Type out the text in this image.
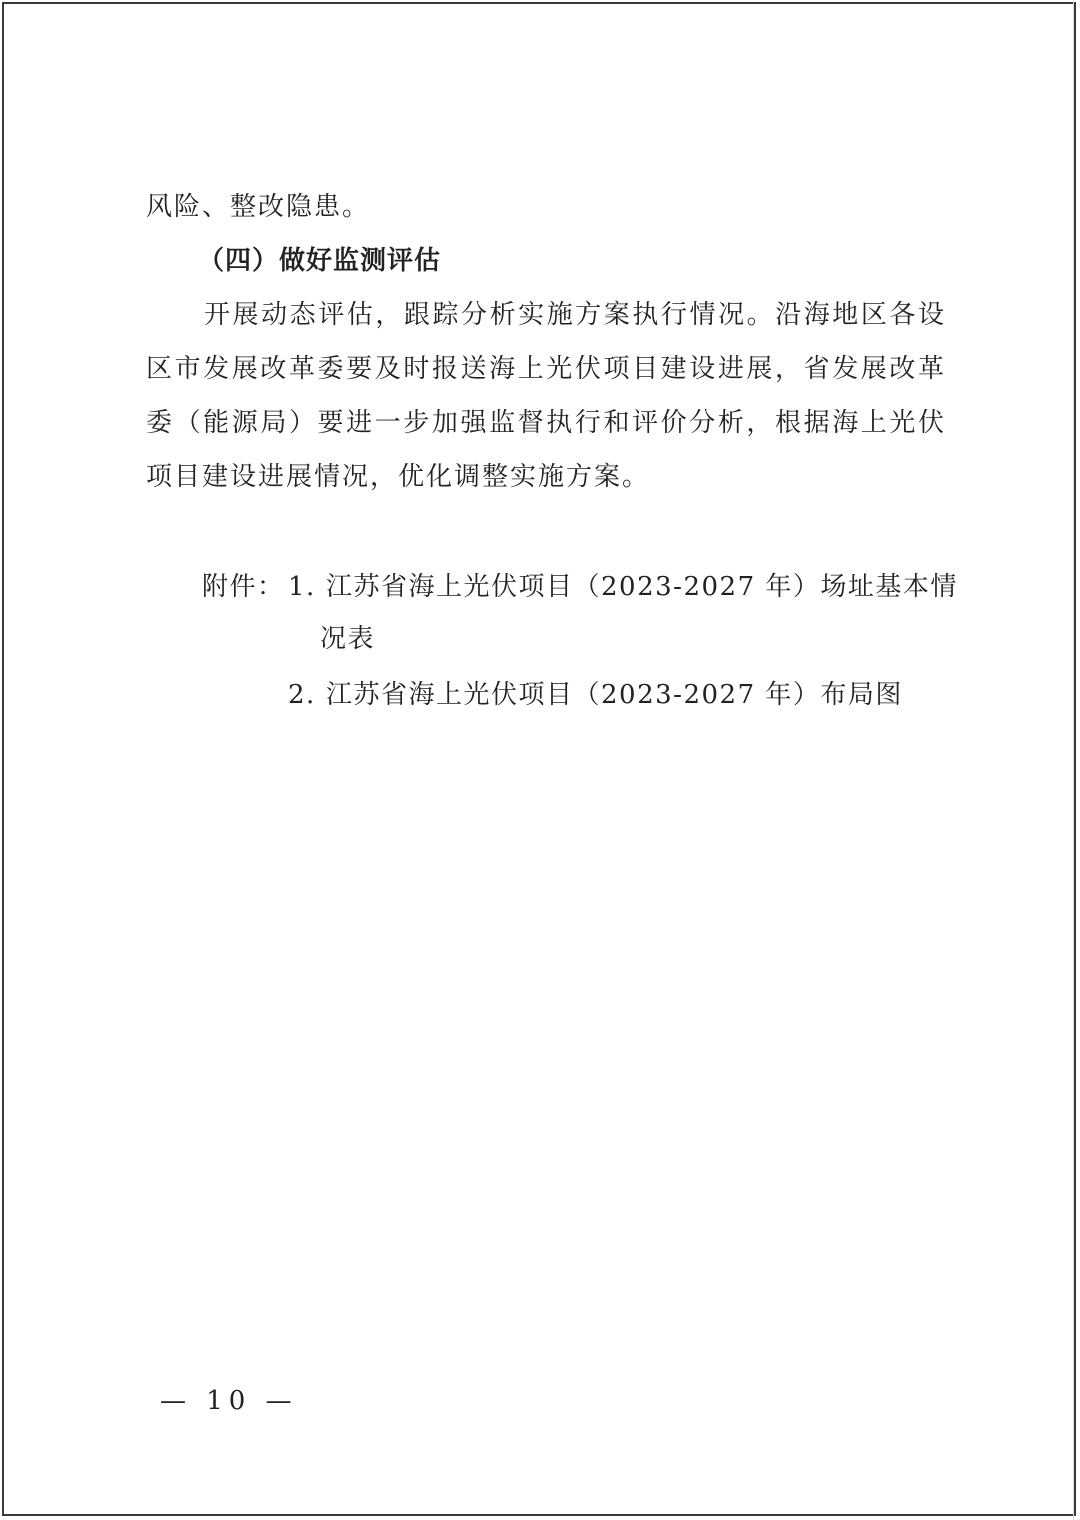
风险、整改隐患。
（四）做好监测评估
开展动态评估，跟踪分析实施方案执行情况。沿海地区各设
区市发展改革委要及时报送海上光伏项目建设进展，省发展改革
委（能源局）要进一步加强监督执行和评价分析，根据海上光伏
项目建设进展情况，优化调整实施方案。
附件： 1. 江苏省海上光伏项目（2023-2027 年）场址基本情
况表
2. 江苏省海上光伏项目（2023-2027 年）布局图
— 10 —
